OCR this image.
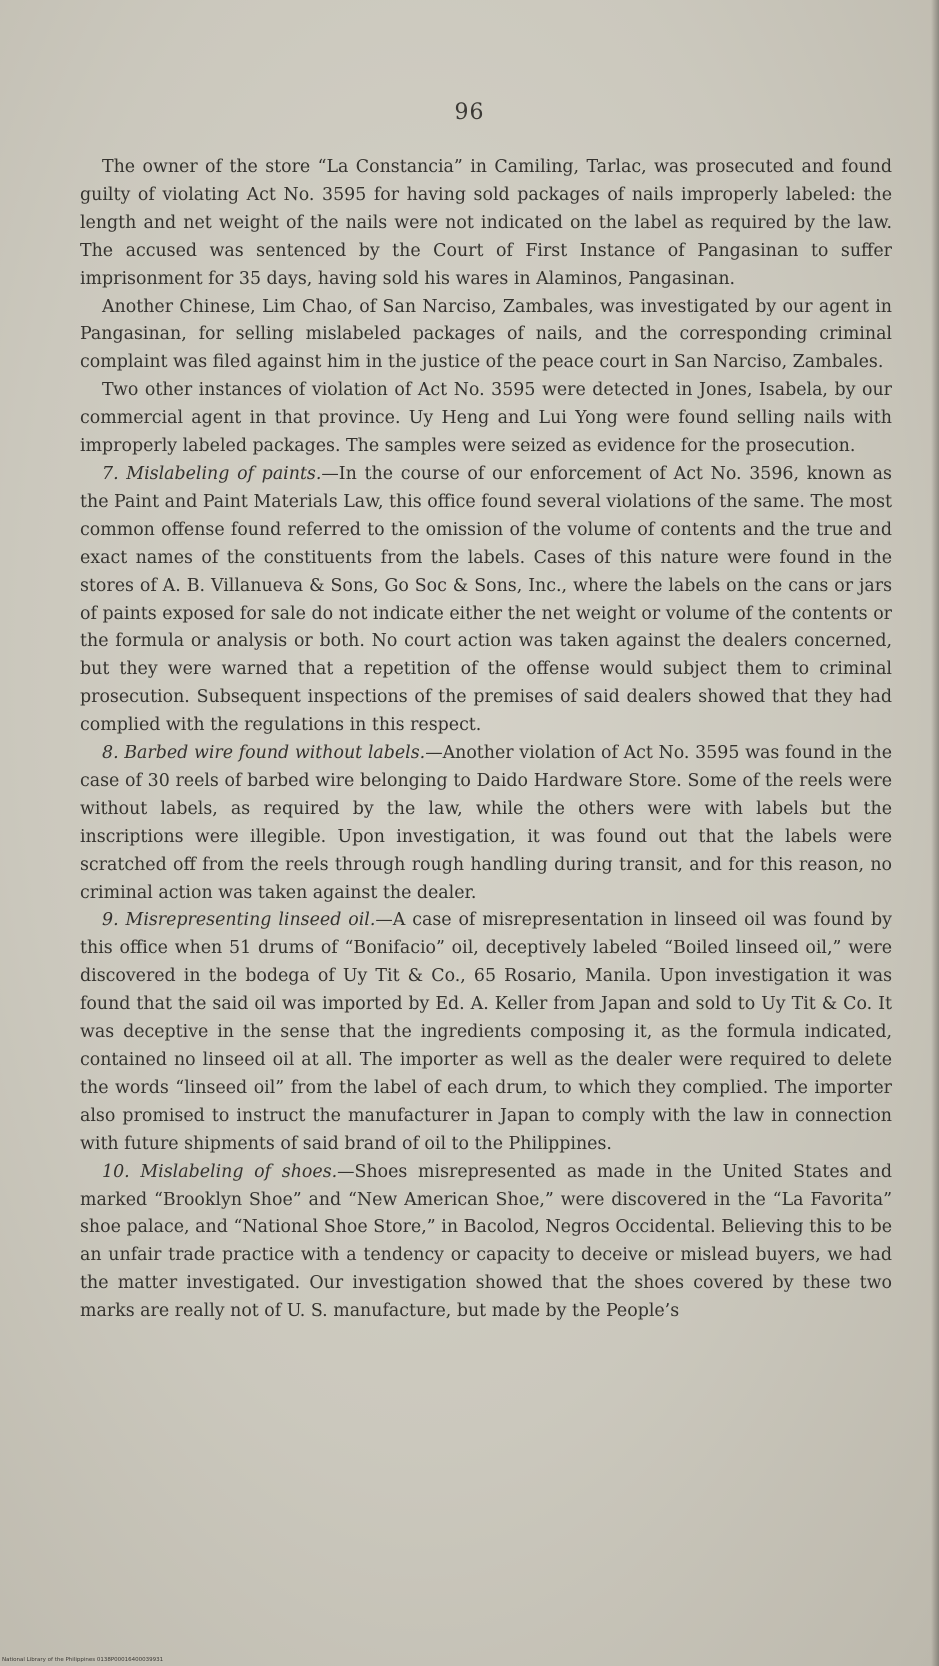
96

The owner of the store “La Constancia” in Camiling, Tarlac, was prosecuted and found guilty of violating Act No. 3595 for having sold packages of nails improperly labeled: the length and net weight of the nails were not indicated on the label as required by the law. The accused was sentenced by the Court of First Instance of Pangasinan to suffer imprisonment for 35 days, having sold his wares in Alaminos, Pangasinan.

Another Chinese, Lim Chao, of San Narciso, Zambales, was investigated by our agent in Pangasinan, for selling mislabeled packages of nails, and the corresponding criminal complaint was filed against him in the justice of the peace court in San Narciso, Zambales.

Two other instances of violation of Act No. 3595 were detected in Jones, Isabela, by our commercial agent in that province. Uy Heng and Lui Yong were found selling nails with improperly labeled packages. The samples were seized as evidence for the prosecution.

7. Mislabeling of paints.—In the course of our enforcement of Act No. 3596, known as the Paint and Paint Materials Law, this office found several violations of the same. The most common offense found referred to the omission of the volume of contents and the true and exact names of the constituents from the labels. Cases of this nature were found in the stores of A. B. Villanueva & Sons, Go Soc & Sons, Inc., where the labels on the cans or jars of paints exposed for sale do not indicate either the net weight or volume of the contents or the formula or analysis or both. No court action was taken against the dealers concerned, but they were warned that a repetition of the offense would subject them to criminal prosecution. Subsequent inspections of the premises of said dealers showed that they had complied with the regulations in this respect.

8. Barbed wire found without labels.—Another violation of Act No. 3595 was found in the case of 30 reels of barbed wire belonging to Daido Hardware Store. Some of the reels were without labels, as required by the law, while the others were with labels but the inscriptions were illegible. Upon investigation, it was found out that the labels were scratched off from the reels through rough handling during transit, and for this reason, no criminal action was taken against the dealer.

9. Misrepresenting linseed oil.—A case of misrepresentation in linseed oil was found by this office when 51 drums of “Bonifacio” oil, deceptively labeled “Boiled linseed oil,” were discovered in the bodega of Uy Tit & Co., 65 Rosario, Manila. Upon investigation it was found that the said oil was imported by Ed. A. Keller from Japan and sold to Uy Tit & Co. It was deceptive in the sense that the ingredients composing it, as the formula indicated, contained no linseed oil at all. The importer as well as the dealer were required to delete the words “linseed oil” from the label of each drum, to which they complied. The importer also promised to instruct the manufacturer in Japan to comply with the law in connection with future shipments of said brand of oil to the Philippines.

10. Mislabeling of shoes.—Shoes misrepresented as made in the United States and marked “Brooklyn Shoe” and “New American Shoe,” were discovered in the “La Favorita” shoe palace, and “National Shoe Store,” in Bacolod, Negros Occidental. Believing this to be an unfair trade practice with a tendency or capacity to deceive or mislead buyers, we had the matter investigated. Our investigation showed that the shoes covered by these two marks are really not of U. S. manufacture, but made by the People’s

National Library of the Philippines 0138P00016400039931
